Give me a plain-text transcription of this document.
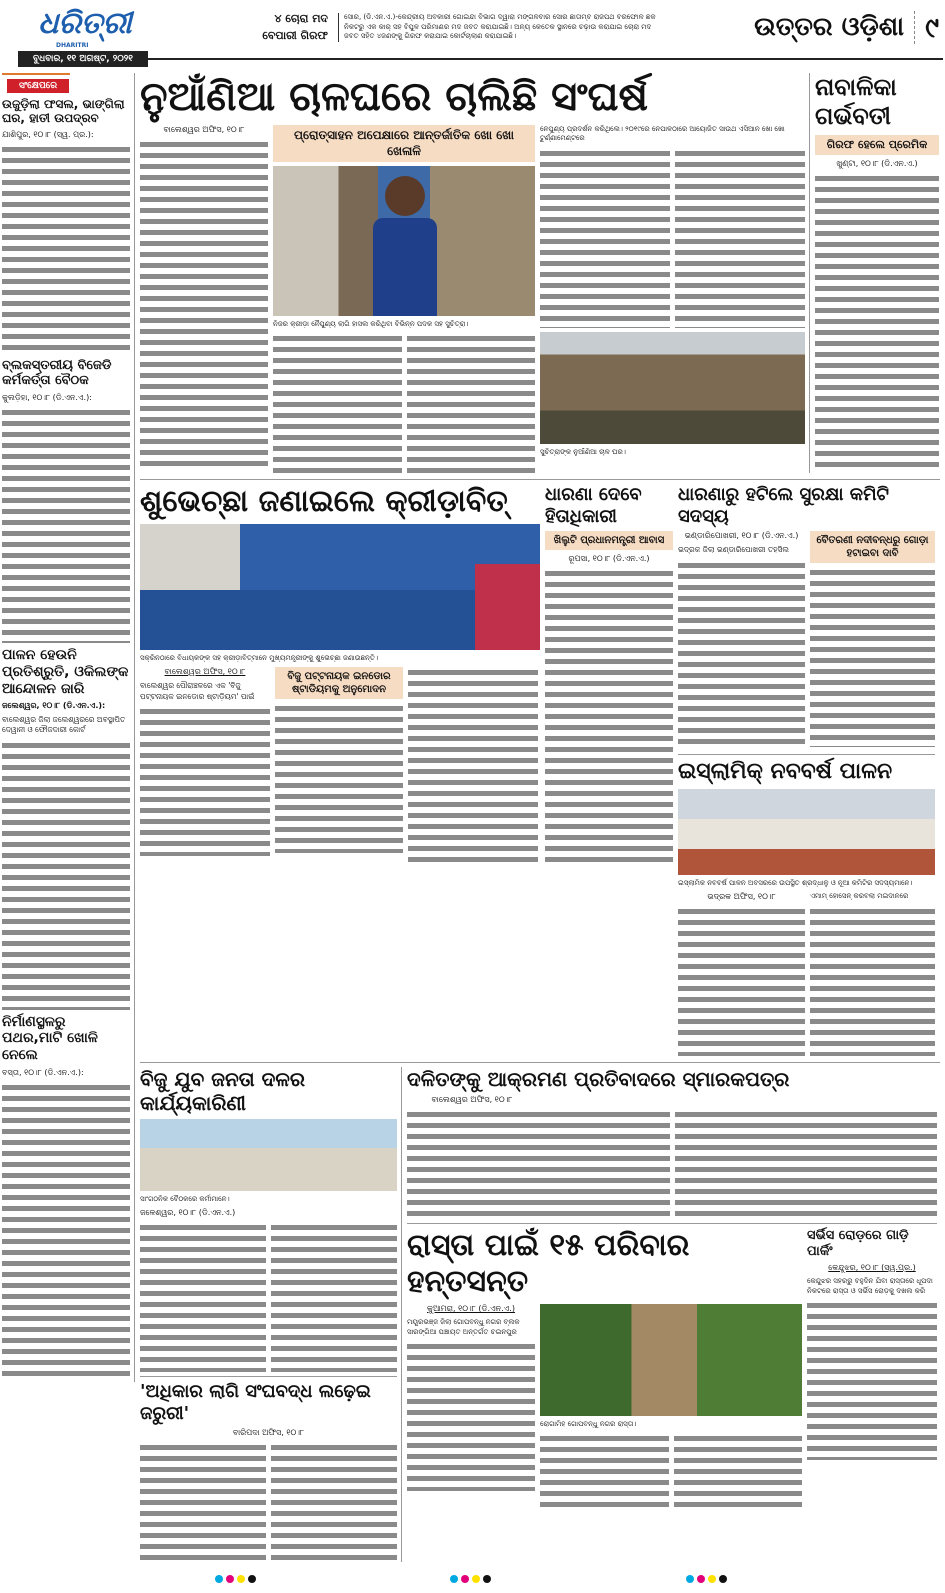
ଧରିତ୍ରୀ
DHARITRI
୪ ଚୋରା ମଦ
ବେପାରୀ ଗିରଫ
ସୋର, (ଡି.ଏନ.ଏ.)-କେନ୍ଦ୍ରୀୟ ଅବକାରୀ ଗୋଇନ୍ଦା ବିଭାଗ ଦ୍ୱାରା ମଙ୍ଗଳବାର ସୋର ଛାତାମ୍ବ ରାଜପଥ ବରଫୋଳ ଛକ ନିକଟରୁ ଏକ କାର୍ ସହ ବିପୁଳ ପରିମାଣର ମଦ ଜବତ କରାଯାଇଛି। ଅନ୍ୟ କେତେକ ସ୍ଥାନରେ ଚଢ଼ାଉ କରାଯାଇ ଚୋରା ମଦ ଜବତ ସହିତ ୪ଜଣଙ୍କୁ ଗିରଫ କରାଯାଇ କୋର୍ଟଚାଲାଣ କରାଯାଇଛି।	ଉତ୍ତର ଓଡ଼ିଶା ୯
ବୁଧବାର, ୧୧ ଅଗଷ୍ଟ, ୨୦୨୧
ସଂକ୍ଷେପରେ
ଉଜୁଡ଼ିଲା ଫସଲ, ଭାଙ୍ଗିଲା ଘର, ହାତୀ ଉପଦ୍ରବ
ଯାଶିପୁର, ୧୦।୮ (ସ୍ୱ. ପ୍ର.):
ବ୍ଲକସ୍ତରୀୟ ବିଜେଡି କର୍ମକର୍ତ୍ତା ବୈଠକ
କୁଲଡ଼ିହା, ୧୦।୮ (ଡି.ଏନ.ଏ.):
ପାଳନ ହେଉନି ପ୍ରତିଶ୍ରୁତି, ଓକିଲଙ୍କ ଆନ୍ଦୋଳନ ଜାରି
ଜଲେଶ୍ୱର, ୧୦।୮ (ଡି.ଏନ.ଏ.):
ବାଲେଶ୍ୱର ଜିଲା ଜଲେଶ୍ୱରରେ ଅବସ୍ଥାପିତ ଦେୱାନୀ ଓ ଫୌଜଦାରୀ କୋର୍ଟ
ନିର୍ମାଣସ୍ଥଳରୁ ପଥର,ମାଟି ଖୋଳି ନେଲେ
ବସ୍ତା, ୧୦।୮ (ଡି.ଏନ.ଏ.):
ନୁଆଁଣିଆ ଚାଳଘରେ ଚାଲିଛି ସଂଘର୍ଷ
ବାଲେଶ୍ୱର ଅଫିସ, ୧୦।୮	ପ୍ରୋତ୍ସାହନ ଅପେକ୍ଷାରେ ଆନ୍ତର୍ଜାତିକ ଖୋ ଖୋ ଖେଳାଳି
ନିଜର କ୍ରୀଡ଼ା ନୈପୁଣ୍ୟ ଲାଗି ହାସଲ କରିଥିବା ବିଭିନ୍ନ ପଦକ ସହ ସୁଚିତ୍ରା।
ନେପୁଣ୍ୟ ପ୍ରଦର୍ଶନ କରିଥିଲେ। ୨୦୧୯ରେ ନେପାଳଠାରେ ଆୟୋଜିତ ସାଉଥ ଏସିଆନ ଖୋ ଖୋ ଟୁର୍ଣ୍ଣାମେଣ୍ଟରେ
ସୁଚିତ୍ରାଙ୍କ ନୁଆଁଣିଆ ଚାଳ ଘର।
ନାବାଳିକା ଗର୍ଭବତୀ
ଗିରଫ ହେଲେ ପ୍ରେମିକ
ଖୁଣ୍ଟା, ୧୦।୮ (ଡି.ଏନ.ଏ.)
ଶୁଭେଚ୍ଛା ଜଣାଇଲେ କ୍ରୀଡ଼ାବିତ୍
ସକ୍ରିନଠାରେ ବିଧାୟକଙ୍କ ସହ କ୍ରୀଡ଼ାବିତ୍‌ମାନେ ମୁଖ୍ୟମନ୍ତ୍ରୀଙ୍କୁ ଶୁଭେଚ୍ଛା ଜଣାଉଛନ୍ତି।
ବାଲେଶ୍ୱର ଅଫିସ, ୧୦।୮
ବାଲେଶ୍ୱର ପୌରାଞ୍ଚଳରେ ଏକ 'ବିଜୁ ପଟ୍ଟନାୟକ ଇନଡୋର ଷ୍ଟାଡ଼ିୟମ' ପାଇଁ
ବିଜୁ ପଟ୍ଟନାୟକ ଇନଡୋର ଷ୍ଟାଡିୟମକୁ ଅନୁମୋଦନ
ଧାରଣା ଦେବେ ହିତାଧିକାରୀ
ଖିଲୁଟି ପ୍ରଧାନମନ୍ତ୍ରୀ ଆବାସ
ରୂପସା, ୧୦।୮ (ଡି.ଏନ.ଏ.)
ଧାରଣାରୁ ହଟିଲେ ସୁରକ୍ଷା କମିଟି ସଦସ୍ୟ
ଭଣ୍ଡାରିପୋଖରୀ, ୧୦।୮ (ଡି.ଏନ.ଏ.)
ଭଦ୍ରକ ଜିଲା ଭଣ୍ଡାରିପୋଖରୀ ତହସିଲ
ବୈତରଣୀ ନଦୀବନ୍ଧରୁ ଗୋଡ଼ା ହଟାଇବା ଦାବି
ଇସ୍‌ଲାମିକ୍ ନବବର୍ଷ ପାଳନ
ଇସ୍‌ଲାମିକ ନବବର୍ଷ ପାଳନ ଅବସରରେ ଉପସ୍ଥିତ ଶ୍ରଦ୍ଧାଳୁ ଓ ନୂଆ କମିଟିର ସଦସ୍ୟମାନେ।
ଭଦ୍ରକ ଅଫିସ, ୧୦।୮	ଏମାମ୍ ହୋସେନ୍ କରବଲା ମଇଦାନରେ
ବିଜୁ ଯୁବ ଜନତା ଦଳର କାର୍ଯ୍ୟକାରିଣୀ
ସାଂଗଠନିକ ବୈଠକରେ କର୍ମୀମାନେ।
ଜଳେଶ୍ୱର, ୧୦।୮ (ଡି.ଏନ.ଏ.)
'ଅଧିକାର ଲାଗି ସଂଘବଦ୍ଧ ଲଢ଼େଇ ଜରୁରୀ'
ବାରିପଦା ଅଫିସ, ୧୦।୮
ଦଳିତଙ୍କୁ ଆକ୍ରମଣ ପ୍ରତିବାଦରେ ସ୍ମାରକପତ୍ର
ବାଲେଶ୍ୱର ଅଫିସ, ୧୦।୮
ରାସ୍ତା ପାଇଁ ୧୫ ପରିବାର ହନ୍ତସନ୍ତ
କୁଆମରା, ୧୦।୮ (ଡି.ଏନ.ଏ.)
ମୟୂରଭଞ୍ଜ ଜିଲା ଗୋପବନ୍ଧୁ ନଗର ବ୍ଲକ ସାରଙ୍ଗିଆ ପଞ୍ଚାୟତ ଅନ୍ତର୍ଗତ ଚଇନପୁର
ରୋଗାମିହ ଗୋପବନ୍ଧୁ ନଗର ରାସ୍ତା।
ସର୍ଭିସ ରୋଡ଼ରେ ଗାଡ଼ି ପାର୍କିଂ
କେନ୍ଦୁଝର, ୧୦।୮ (ସ୍ୱ.ପ୍ର.)
କେନ୍ଦୁଝର ସହରରୁ ବହୁଦିନ ଯିବା ରାସ୍ତାରେ ଧୂପଦା ନିକଟରେ ରାସ୍ତା ଓ ସର୍ଭିସ ରୋଡ଼କୁ ଦଖଲ କରି
